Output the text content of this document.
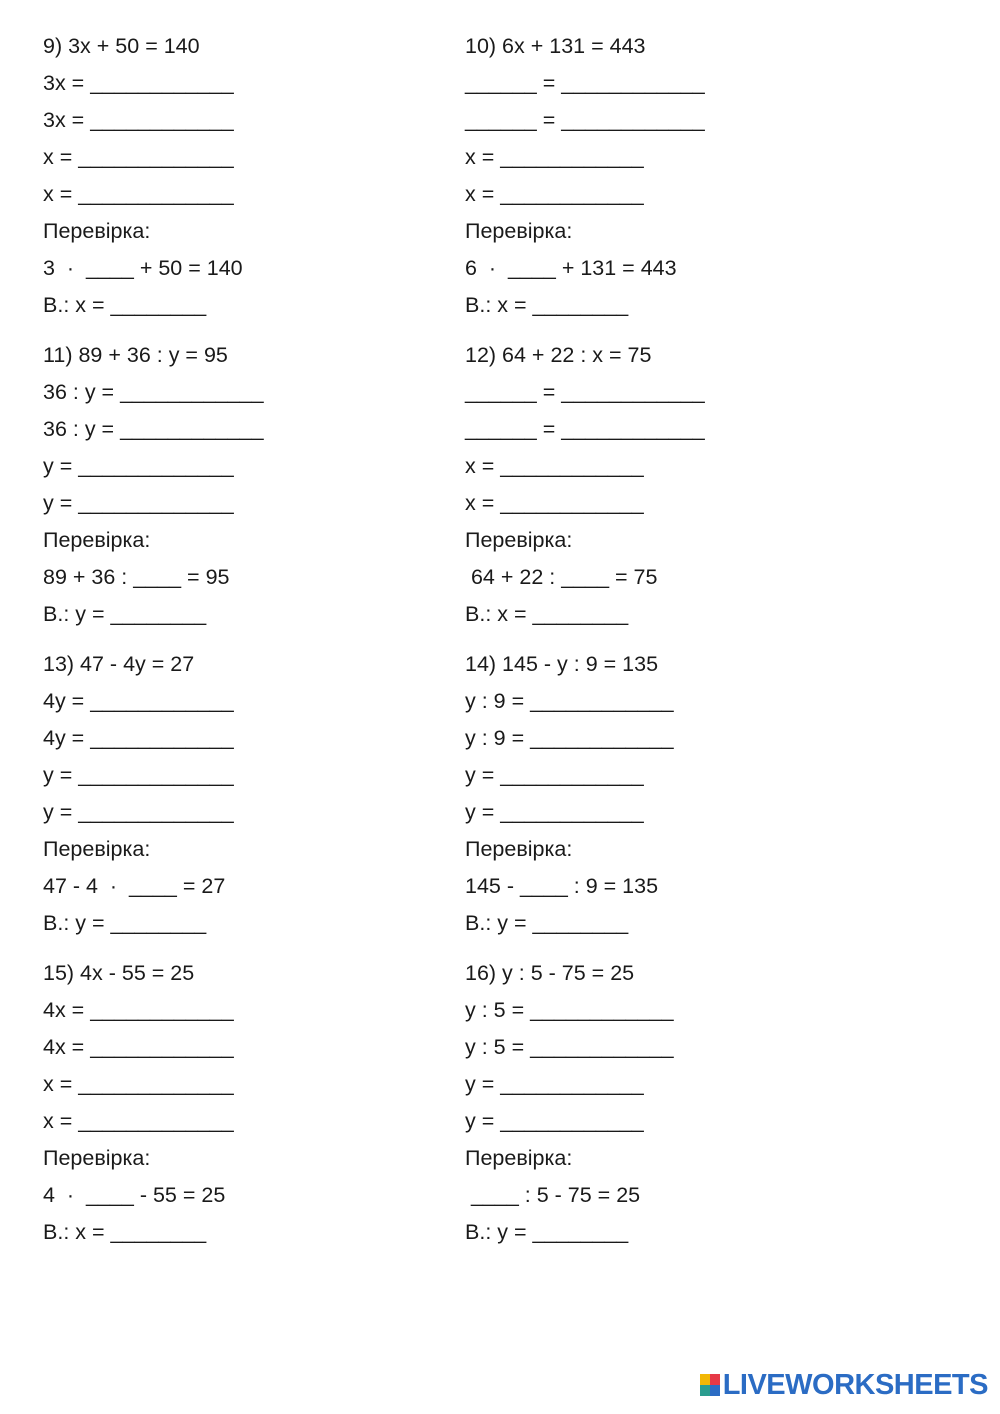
9) 3x + 50 = 140
3x = ____________
3x = ____________
x = _____________
x = _____________
Перевірка:
3  ·  ____ + 50 = 140
В.: x = ________
11) 89 + 36 : y = 95
36 : y = ____________
36 : y = ____________
y = _____________
y = _____________
Перевірка:
89 + 36 : ____ = 95
В.: y = ________
13) 47 - 4y = 27
4y = ____________
4y = ____________
y = _____________
y = _____________
Перевірка:
47 - 4  ·  ____ = 27
В.: y = ________
15) 4x - 55 = 25
4x = ____________
4x = ____________
x = _____________
x = _____________
Перевірка:
4  ·  ____ - 55 = 25
В.: x = ________
10) 6x + 131 = 443
______ = ____________
______ = ____________
x = ____________
x = ____________
Перевірка:
6  ·  ____ + 131 = 443
В.: x = ________
12) 64 + 22 : x = 75
______ = ____________
______ = ____________
x = ____________
x = ____________
Перевірка:
64 + 22 : ____ = 75
В.: x = ________
14) 145 - y : 9 = 135
y : 9 = ____________
y : 9 = ____________
y = ____________
y = ____________
Перевірка:
145 - ____ : 9 = 135
В.: y = ________
16) y : 5 - 75 = 25
y : 5 = ____________
y : 5 = ____________
y = ____________
y = ____________
Перевірка:
____ : 5 - 75 = 25
В.: y = ________
LIVEWORKSHEETS
